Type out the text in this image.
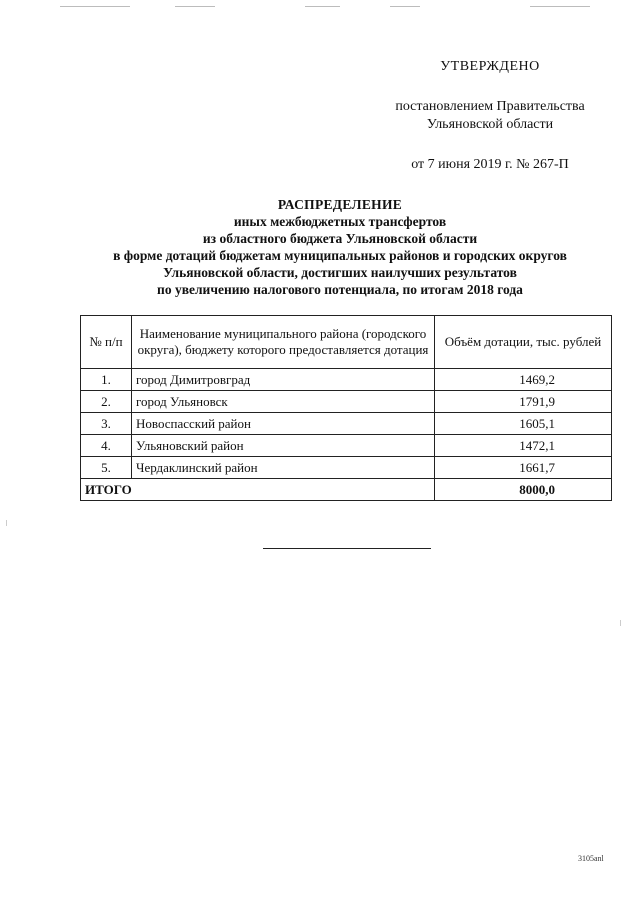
УТВЕРЖДЕНО
постановлением Правительства
Ульяновской области
от 7 июня 2019 г. № 267-П
РАСПРЕДЕЛЕНИЕ
иных межбюджетных трансфертов
из областного бюджета Ульяновской области
в форме дотаций бюджетам муниципальных районов и городских округов
Ульяновской области, достигших наилучших результатов
по увеличению налогового потенциала, по итогам 2018 года
№ п/п	Наименование муниципального района (городского округа), бюджету которого предоставляется дотация	Объём дотации, тыс. рублей
1.	город Димитровград	1469,2
2.	город Ульяновск	1791,9
3.	Новоспасский район	1605,1
4.	Ульяновский район	1472,1
5.	Чердаклинский район	1661,7
ИТОГО		8000,0
3105anl
